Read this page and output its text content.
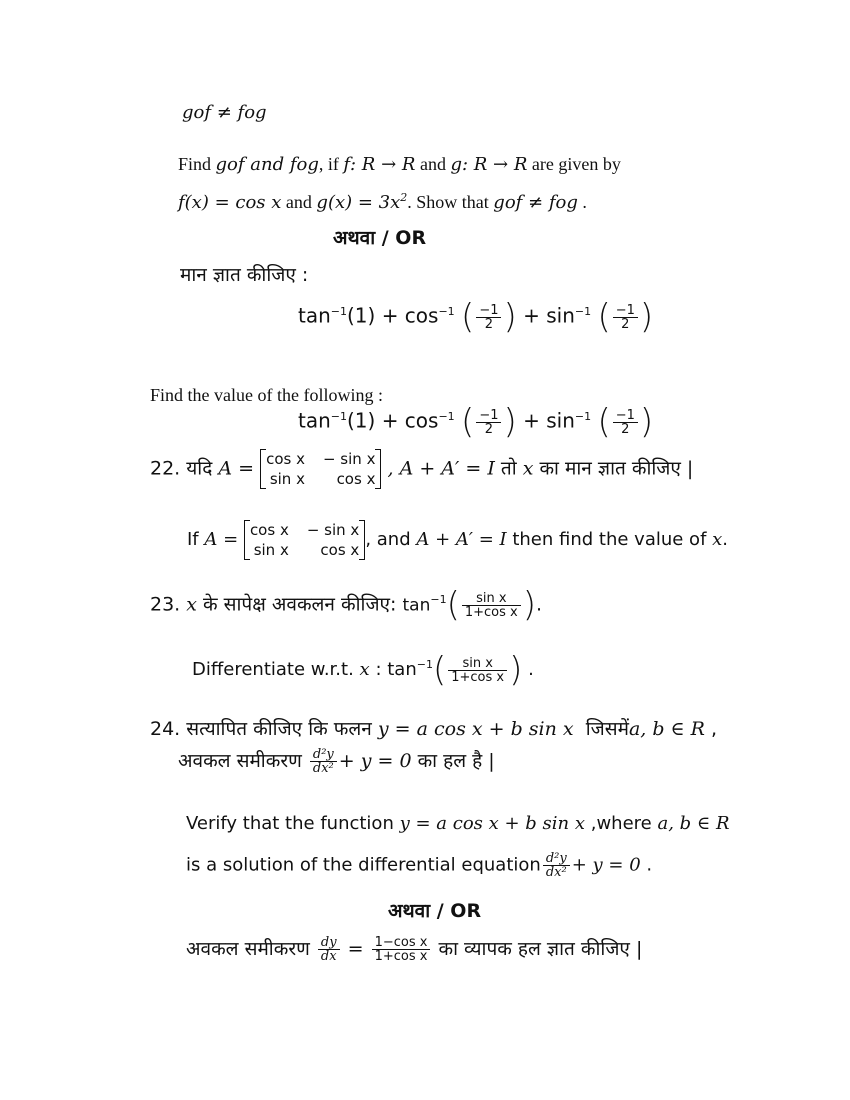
gof ≠ fog
Find gof and fog, if f: R → R and g: R → R are given by
f(x) = cos x and $g(x) = 3x^2$. Show that gof ≠ fog .
अथवा / OR
मान ज्ञात कीजिए :
$\tan^{-1}(1) + \cos^{-1}$ ( $\frac{-1}{2}$ ) + $\sin^{-1}$ ( $\frac{-1}{2}$ )
Find the value of the following :
$\tan^{-1}(1) + \cos^{-1}$ ( $\frac{-1}{2}$ ) + $\sin^{-1}$ ( $\frac{-1}{2}$ )
22. यदि A = cos x − sin x
sin x	cos x , A + A′ = I तो x का मान ज्ञात कीजिए |
If A = cos x − sin x
sin x	cos x , and A + A′ = I then find the value of x.
23. x के सापेक्ष अवकलन कीजिए: $\tan^{-1}( \frac{\text{sin x}}{\text{1+cos x}}$ ).
Differentiate w.r.t. x : $\tan^{-1}( \frac{\text{sin x}}{\text{1+cos x}}$ ) .
24. सत्यापित कीजिए कि फलन y = a cos x + b sin x जिसमेंa, b ∈ R ,
अवकल समीकरण $\frac{\text{d²y}}{\text{dx²}} + y = 0$ का हल है |
Verify that the function y = a cos x + b sin x ,where a, b ∈ R
is a solution of the differential equation $\frac{\text{d²y}}{\text{dx²}} + y = 0$ .
अथवा / OR
अवकल समीकरण $\frac{dy}{dx} = \frac{\text{1−cos x}}{\text{1+cos x}}$ का व्यापक हल ज्ञात कीजिए |
